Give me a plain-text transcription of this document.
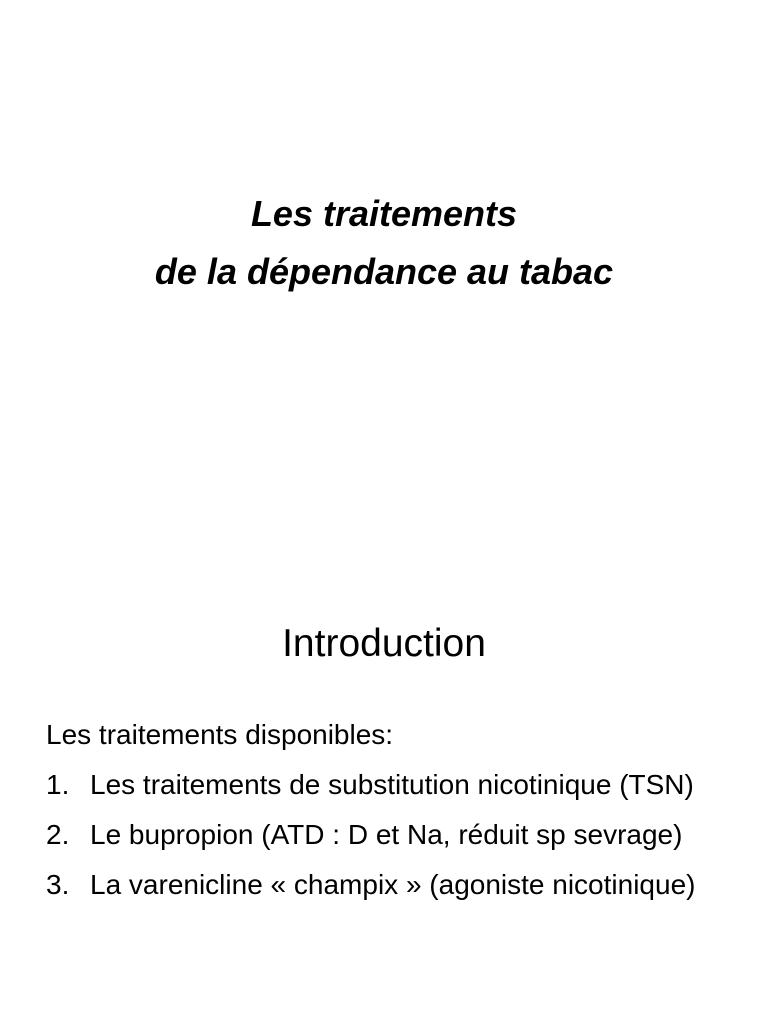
Les traitements
de la dépendance au tabac
Introduction
Les traitements disponibles:
1. Les traitements de substitution nicotinique (TSN)
2. Le bupropion (ATD : D et Na, réduit sp sevrage)
3. La varenicline « champix » (agoniste nicotinique)
